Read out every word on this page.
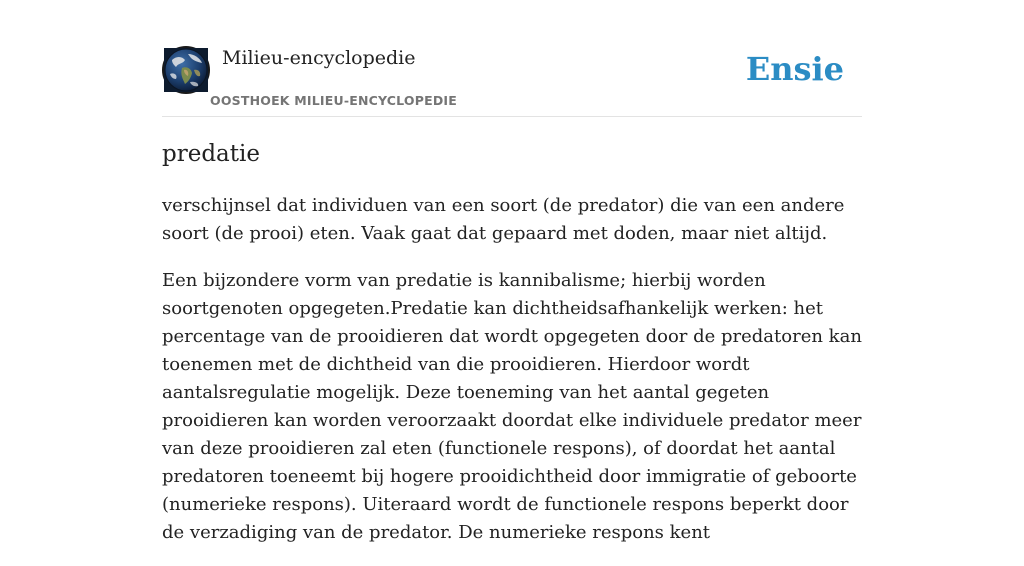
Milieu-encyclopedie
OOSTHOEK MILIEU-ENCYCLOPEDIE
Ensie
predatie

verschijnsel dat individuen van een soort (de predator) die van een andere soort (de prooi) eten. Vaak gaat dat gepaard met doden, maar niet altijd.

Een bijzondere vorm van predatie is kannibalisme; hierbij worden soortgenoten opgegeten.Predatie kan dichtheidsafhankelijk werken: het percentage van de prooidieren dat wordt opgegeten door de predatoren kan toenemen met de dichtheid van die prooidieren. Hierdoor wordt aantalsregulatie mogelijk. Deze toeneming van het aantal gegeten prooidieren kan worden veroorzaakt doordat elke individuele predator meer van deze prooidieren zal eten (functionele respons), of doordat het aantal predatoren toeneemt bij hogere prooidichtheid door immigratie of geboorte (numerieke respons). Uiteraard wordt de functionele respons beperkt door de verzadiging van de predator. De numerieke respons kent
